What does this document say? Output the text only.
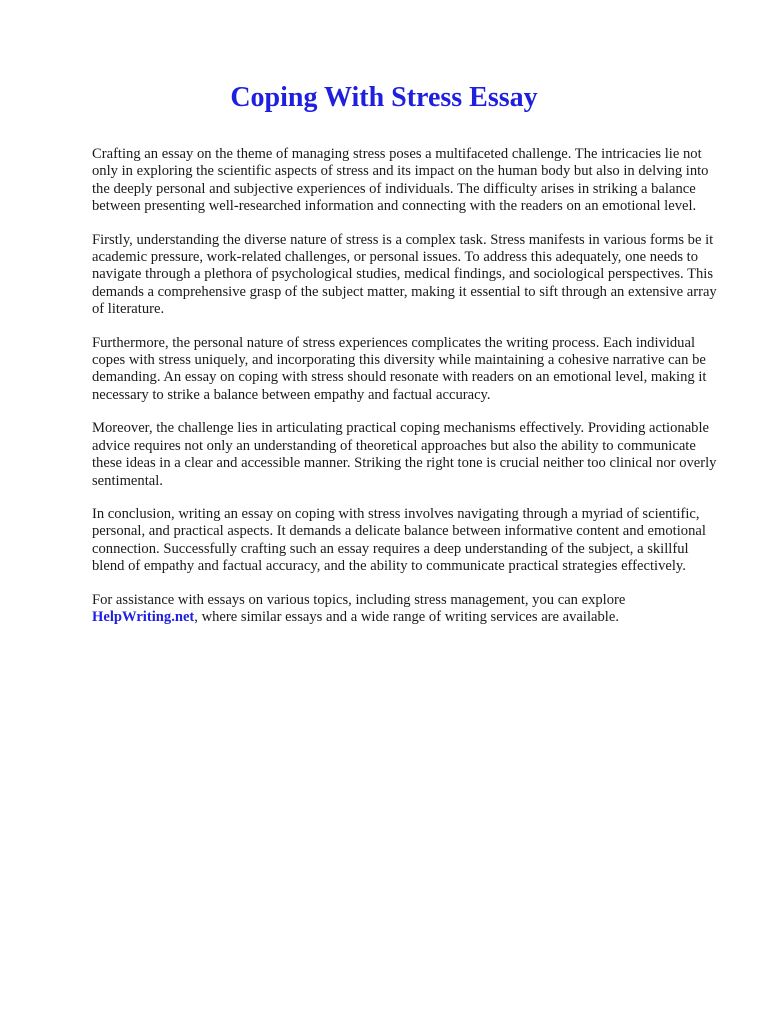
Coping With Stress Essay

Crafting an essay on the theme of managing stress poses a multifaceted challenge. The intricacies lie not only in exploring the scientific aspects of stress and its impact on the human body but also in delving into the deeply personal and subjective experiences of individuals. The difficulty arises in striking a balance between presenting well-researched information and connecting with the readers on an emotional level.

Firstly, understanding the diverse nature of stress is a complex task. Stress manifests in various forms be it academic pressure, work-related challenges, or personal issues. To address this adequately, one needs to navigate through a plethora of psychological studies, medical findings, and sociological perspectives. This demands a comprehensive grasp of the subject matter, making it essential to sift through an extensive array of literature.

Furthermore, the personal nature of stress experiences complicates the writing process. Each individual copes with stress uniquely, and incorporating this diversity while maintaining a cohesive narrative can be demanding. An essay on coping with stress should resonate with readers on an emotional level, making it necessary to strike a balance between empathy and factual accuracy.

Moreover, the challenge lies in articulating practical coping mechanisms effectively. Providing actionable advice requires not only an understanding of theoretical approaches but also the ability to communicate these ideas in a clear and accessible manner. Striking the right tone is crucial neither too clinical nor overly sentimental.

In conclusion, writing an essay on coping with stress involves navigating through a myriad of scientific, personal, and practical aspects. It demands a delicate balance between informative content and emotional connection. Successfully crafting such an essay requires a deep understanding of the subject, a skillful blend of empathy and factual accuracy, and the ability to communicate practical strategies effectively.

For assistance with essays on various topics, including stress management, you can explore HelpWriting.net, where similar essays and a wide range of writing services are available.
